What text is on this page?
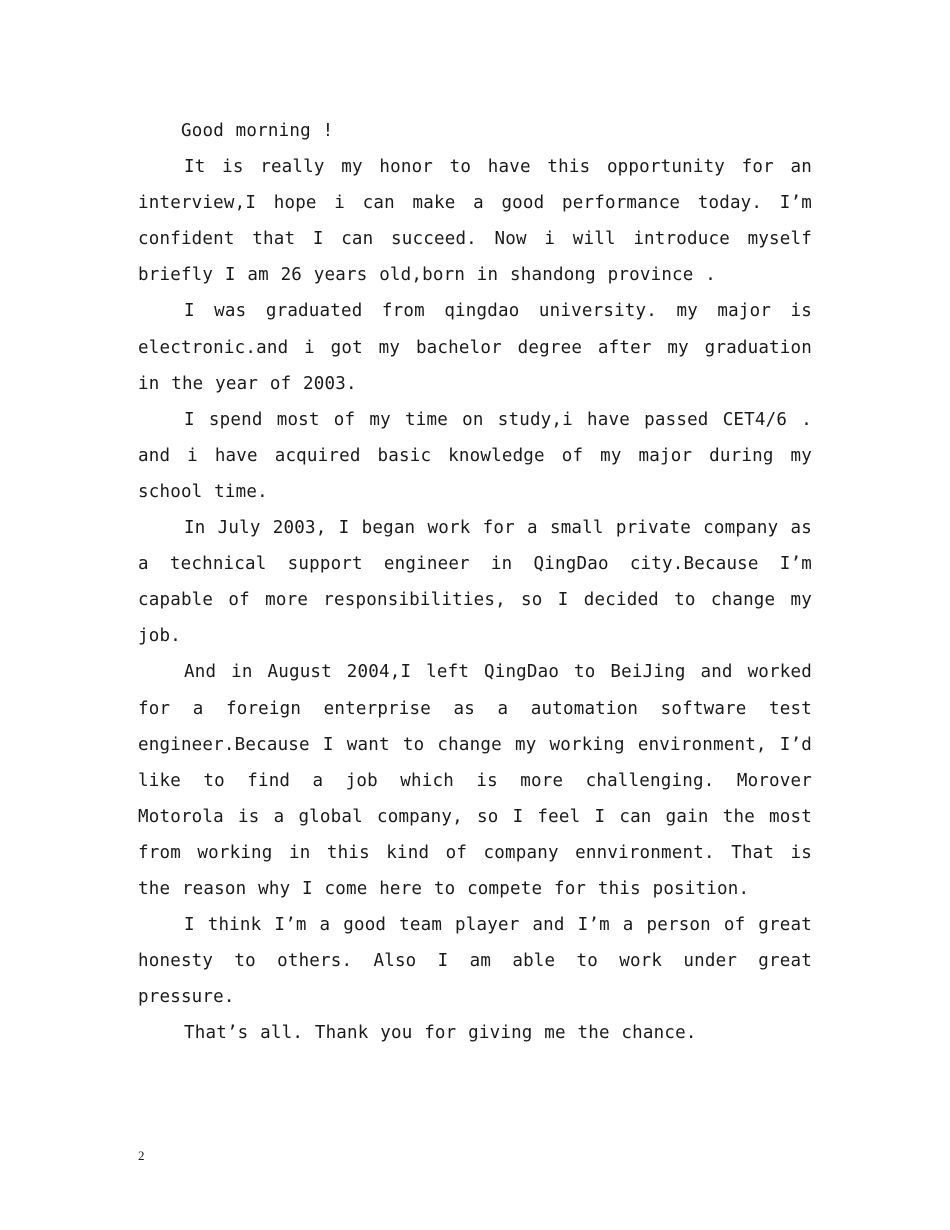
Good morning !

It is really my honor to have this opportunity for an interview,I hope i can make a good performance today. I’m confident that I can succeed. Now i will introduce myself briefly I am 26 years old,born in shandong province .

I was graduated from qingdao university. my major is electronic.and i got my bachelor degree after my graduation in the year of 2003.

I spend most of my time on study,i have passed CET4/6 . and i have acquired basic knowledge of my major during my school time.

In July 2003, I began work for a small private company as a technical support engineer in QingDao city.Because I’m capable of more responsibilities, so I decided to change my job.

And in August 2004,I left QingDao to BeiJing and worked for a foreign enterprise as a automation software test engineer.Because I want to change my working environment, I’d like to find a job which is more challenging. Morover Motorola is a global company, so I feel I can gain the most from working in this kind of company ennvironment. That is the reason why I come here to compete for this position.

I think I’m a good team player and I’m a person of great honesty to others. Also I am able to work under great pressure.

That’s all. Thank you for giving me the chance.

2
